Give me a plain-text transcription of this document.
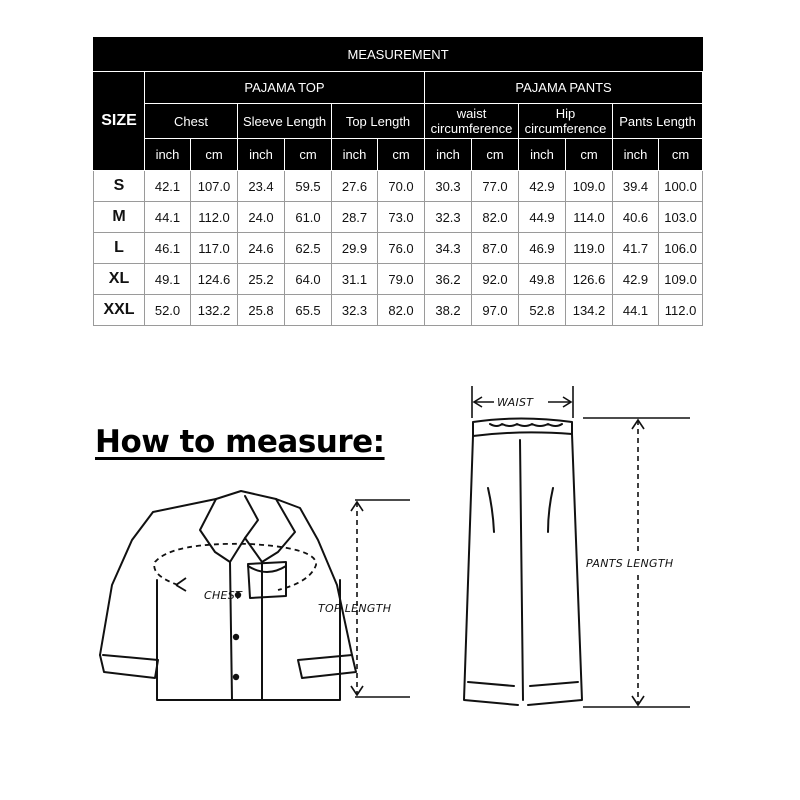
MEASUREMENT												
SIZE	PAJAMA TOP						PAJAMA PANTS					
	Chest		Sleeve Length		Top Length		waist circumference		Hip circumference		Pants Length	
	inch	cm	inch	cm	inch	cm	inch	cm	inch	cm	inch	cm
S	42.1	107.0	23.4	59.5	27.6	70.0	30.3	77.0	42.9	109.0	39.4	100.0
M	44.1	112.0	24.0	61.0	28.7	73.0	32.3	82.0	44.9	114.0	40.6	103.0
L	46.1	117.0	24.6	62.5	29.9	76.0	34.3	87.0	46.9	119.0	41.7	106.0
XL	49.1	124.6	25.2	64.0	31.1	79.0	36.2	92.0	49.8	126.6	42.9	109.0
XXL	52.0	132.2	25.8	65.5	32.3	82.0	38.2	97.0	52.8	134.2	44.1	112.0
How to measure:
CHEST
TOP LENGTH
WAIST
PANTS LENGTH
